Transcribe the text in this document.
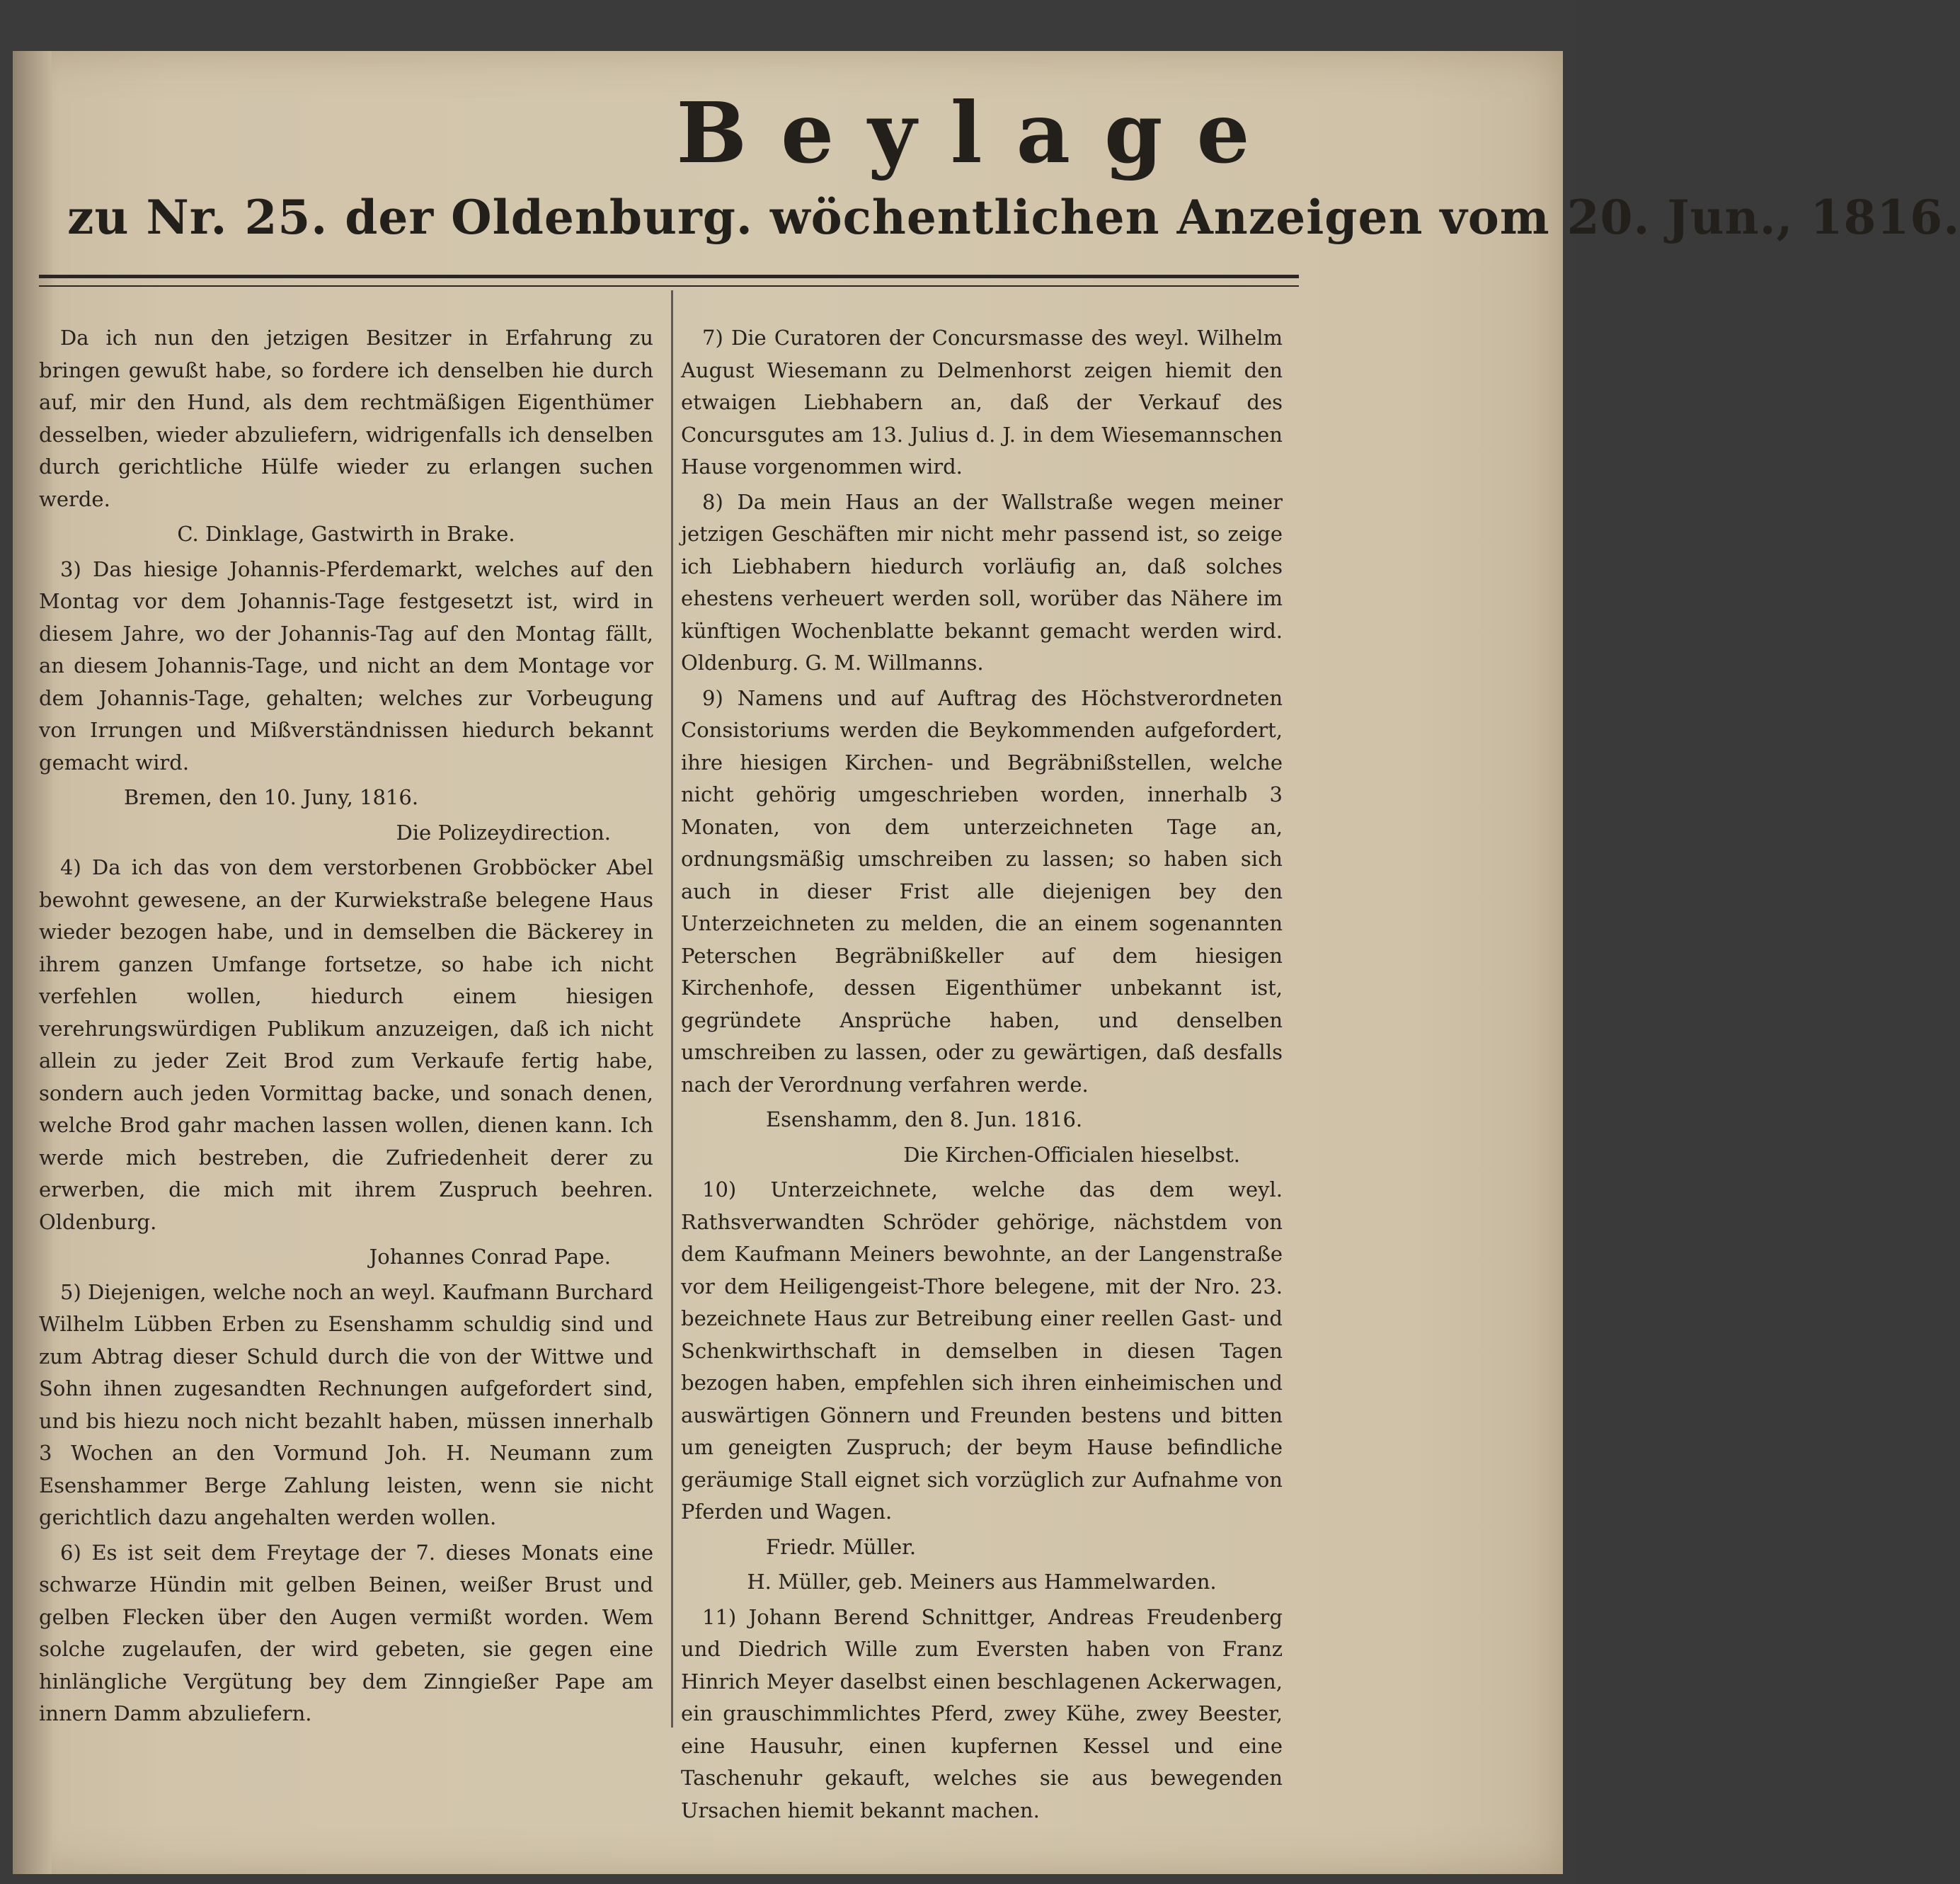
Beylage
zu Nr. 25. der Oldenburg. wöchentlichen Anzeigen vom 20. Jun., 1816.

Da ich nun den jetzigen Besitzer in Erfahrung zu bringen gewußt habe, so fordere ich denselben hie durch auf, mir den Hund, als dem rechtmäßigen Eigenthümer desselben, wieder abzuliefern, widrigenfalls ich denselben durch gerichtliche Hülfe wieder zu erlangen suchen werde.

C. Dinklage, Gastwirth in Brake.

3) Das hiesige Johannis-Pferdemarkt, welches auf den Montag vor dem Johannis-Tage festgesetzt ist, wird in diesem Jahre, wo der Johannis-Tag auf den Montag fällt, an diesem Johannis-Tage, und nicht an dem Montage vor dem Johannis-Tage, gehalten; welches zur Vorbeugung von Irrungen und Mißverständnissen hiedurch bekannt gemacht wird.

Bremen, den 10. Juny, 1816.

Die Polizeydirection.

4) Da ich das von dem verstorbenen Grobböcker Abel bewohnt gewesene, an der Kurwiekstraße belegene Haus wieder bezogen habe, und in demselben die Bäckerey in ihrem ganzen Umfange fortsetze, so habe ich nicht verfehlen wollen, hiedurch einem hiesigen verehrungswürdigen Publikum anzuzeigen, daß ich nicht allein zu jeder Zeit Brod zum Verkaufe fertig habe, sondern auch jeden Vormittag backe, und sonach denen, welche Brod gahr machen lassen wollen, dienen kann. Ich werde mich bestreben, die Zufriedenheit derer zu erwerben, die mich mit ihrem Zuspruch beehren. Oldenburg.

Johannes Conrad Pape.

5) Diejenigen, welche noch an weyl. Kaufmann Burchard Wilhelm Lübben Erben zu Esenshamm schuldig sind und zum Abtrag dieser Schuld durch die von der Wittwe und Sohn ihnen zugesandten Rechnungen aufgefordert sind, und bis hiezu noch nicht bezahlt haben, müssen innerhalb 3 Wochen an den Vormund Joh. H. Neumann zum Esenshammer Berge Zahlung leisten, wenn sie nicht gerichtlich dazu angehalten werden wollen.

6) Es ist seit dem Freytage der 7. dieses Monats eine schwarze Hündin mit gelben Beinen, weißer Brust und gelben Flecken über den Augen vermißt worden. Wem solche zugelaufen, der wird gebeten, sie gegen eine hinlängliche Vergütung bey dem Zinngießer Pape am innern Damm abzuliefern.

7) Die Curatoren der Concursmasse des weyl. Wilhelm August Wiesemann zu Delmenhorst zeigen hiemit den etwaigen Liebhabern an, daß der Verkauf des Concursgutes am 13. Julius d. J. in dem Wiesemannschen Hause vorgenommen wird.

8) Da mein Haus an der Wallstraße wegen meiner jetzigen Geschäften mir nicht mehr passend ist, so zeige ich Liebhabern hiedurch vorläufig an, daß solches ehestens verheuert werden soll, worüber das Nähere im künftigen Wochenblatte bekannt gemacht werden wird. Oldenburg. G. M. Willmanns.

9) Namens und auf Auftrag des Höchstverordneten Consistoriums werden die Beykommenden aufgefordert, ihre hiesigen Kirchen- und Begräbnißstellen, welche nicht gehörig umgeschrieben worden, innerhalb 3 Monaten, von dem unterzeichneten Tage an, ordnungsmäßig umschreiben zu lassen; so haben sich auch in dieser Frist alle diejenigen bey den Unterzeichneten zu melden, die an einem sogenannten Peterschen Begräbnißkeller auf dem hiesigen Kirchenhofe, dessen Eigenthümer unbekannt ist, gegründete Ansprüche haben, und denselben umschreiben zu lassen, oder zu gewärtigen, daß desfalls nach der Verordnung verfahren werde.

Esenshamm, den 8. Jun. 1816.

Die Kirchen-Officialen hieselbst.

10) Unterzeichnete, welche das dem weyl. Rathsverwandten Schröder gehörige, nächstdem von dem Kaufmann Meiners bewohnte, an der Langenstraße vor dem Heiligengeist-Thore belegene, mit der Nro. 23. bezeichnete Haus zur Betreibung einer reellen Gast- und Schenkwirthschaft in demselben in diesen Tagen bezogen haben, empfehlen sich ihren einheimischen und auswärtigen Gönnern und Freunden bestens und bitten um geneigten Zuspruch; der beym Hause befindliche geräumige Stall eignet sich vorzüglich zur Aufnahme von Pferden und Wagen.

Friedr. Müller.

H. Müller, geb. Meiners aus Hammelwarden.

11) Johann Berend Schnittger, Andreas Freudenberg und Diedrich Wille zum Eversten haben von Franz Hinrich Meyer daselbst einen beschlagenen Ackerwagen, ein grauschimmlichtes Pferd, zwey Kühe, zwey Beester, eine Hausuhr, einen kupfernen Kessel und eine Taschenuhr gekauft, welches sie aus bewegenden Ursachen hiemit bekannt machen.
